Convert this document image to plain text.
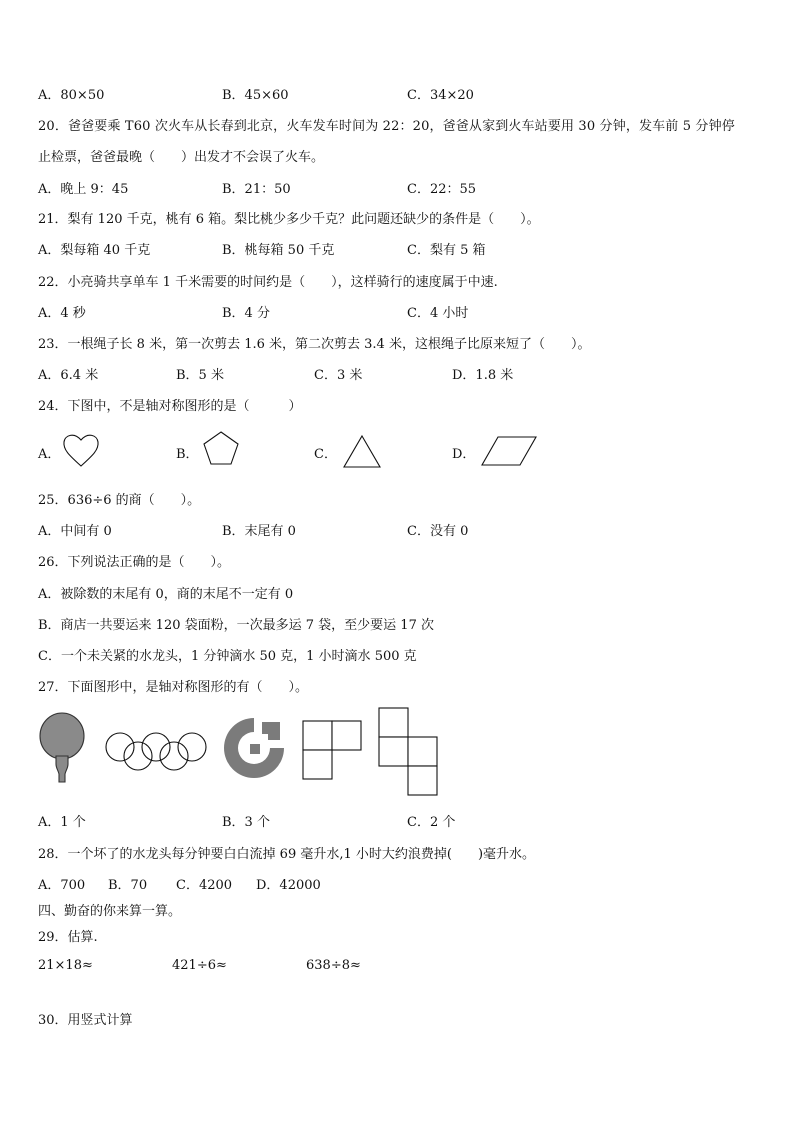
A．80×50	B．45×60	C．34×20
20．爸爸要乘 T60 次火车从长春到北京，火车发车时间为 22：20，爸爸从家到火车站要用 30 分钟，发车前 5 分钟停
止检票，爸爸最晚（　　）出发才不会误了火车。
A．晚上 9：45	B．21：50	C．22：55
21．梨有 120 千克，桃有 6 箱。梨比桃少多少千克？此问题还缺少的条件是（　　）。
A．梨每箱 40 千克	B．桃每箱 50 千克	C．梨有 5 箱
22．小亮骑共享单车 1 千米需要的时间约是（　　），这样骑行的速度属于中速.
A．4 秒	B．4 分	C．4 小时
23．一根绳子长 8 米，第一次剪去 1.6 米，第二次剪去 3.4 米，这根绳子比原来短了（　　）。
A．6.4 米	B．5 米	C．3 米	D．1.8 米
24．下图中，不是轴对称图形的是（　　　）
A．	B．	C．	D．
25．636÷6 的商（　　）。
A．中间有 0	B．末尾有 0	C．没有 0
26．下列说法正确的是（　　）。
A．被除数的末尾有 0，商的末尾不一定有 0
B．商店一共要运来 120 袋面粉，一次最多运 7 袋，至少要运 17 次
C．一个未关紧的水龙头，1 分钟滴水 50 克，1 小时滴水 500 克
27．下面图形中，是轴对称图形的有（　　）。
A．1 个	B．3 个	C．2 个
28．一个坏了的水龙头每分钟要白白流掉 69 毫升水,1 小时大约浪费掉(　　)毫升水。
A．700 B．70 C．4200 D．42000
四、勤奋的你来算一算。
29．估算.
21×18≈	421÷6≈	638÷8≈
30．用竖式计算
